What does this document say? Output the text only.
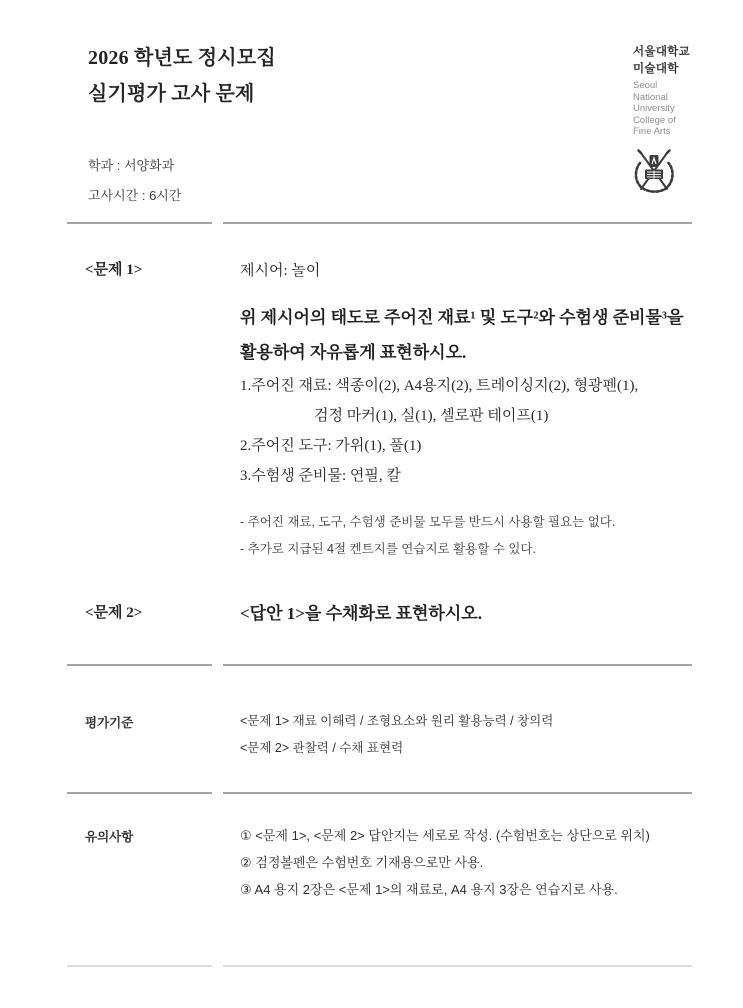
2026 학년도 정시모집
실기평가 고사 문제
학과 : 서양화과
고사시간 : 6시간
서울대학교
미술대학
Seoul
National
University
College of
Fine Arts
<문제 1>	제시어: 놀이
위 제시어의 태도로 주어진 재료¹ 및 도구²와 수험생 준비물³을
활용하여 자유롭게 표현하시오.
1.주어진 재료: 색종이(2), A4용지(2), 트레이싱지(2), 형광펜(1),
검정 마커(1), 실(1), 셀로판 테이프(1)
2.주어진 도구: 가위(1), 풀(1)
3.수험생 준비물: 연필, 칼
- 주어진 재료, 도구, 수험생 준비물 모두를 반드시 사용할 필요는 없다.
- 추가로 지급된 4절 켄트지를 연습지로 활용할 수 있다.
<문제 2>	<답안 1>을 수채화로 표현하시오.
평가기준	<문제 1> 재료 이해력 / 조형요소와 원리 활용능력 / 창의력
<문제 2> 관찰력 / 수채 표현력
유의사항	① <문제 1>, <문제 2> 답안지는 세로로 작성. (수험번호는 상단으로 위치)
② 검정볼펜은 수험번호 기재용으로만 사용.
③ A4 용지 2장은 <문제 1>의 재료로, A4 용지 3장은 연습지로 사용.
